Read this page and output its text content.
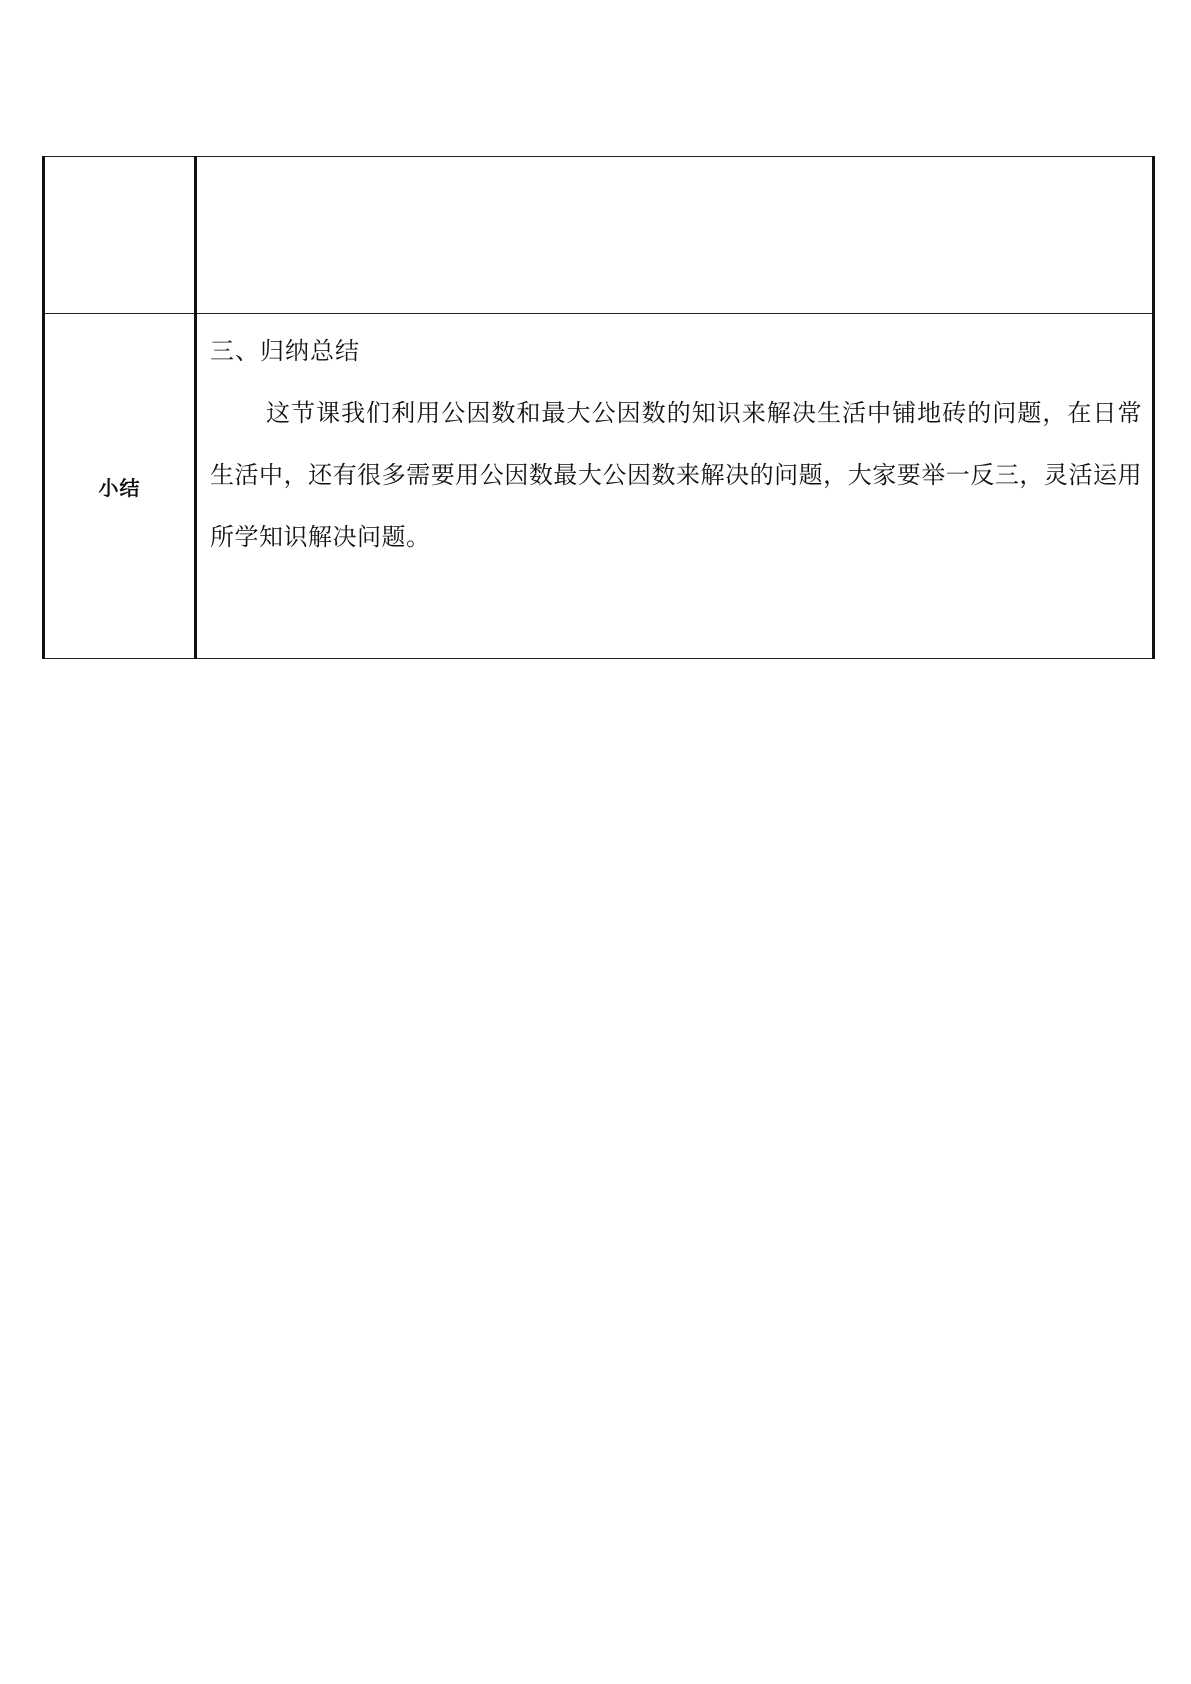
小结	三、归纳总结
这节课我们利用公因数和最大公因数的知识来解决生活中铺地砖的问题，在日常生活中，还有很多需要用公因数最大公因数来解决的问题，大家要举一反三，灵活运用所学知识解决问题。
